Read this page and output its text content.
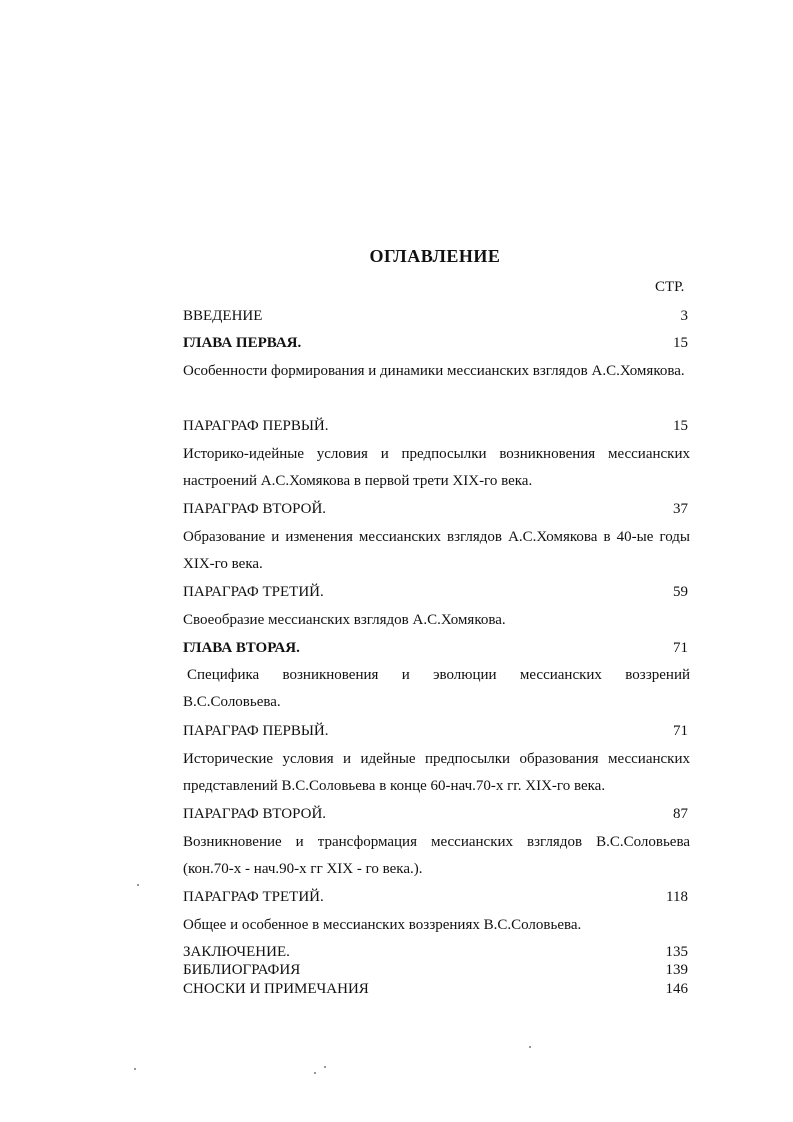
ОГЛАВЛЕНИЕ
СТР.
ВВЕДЕНИЕ	3
ГЛАВА ПЕРВАЯ.	15
Особенности формирования и динамики мессианских взглядов А.С.Хомякова.
ПАРАГРАФ ПЕРВЫЙ.	15
Историко-идейные условия и предпосылки возникновения мессианских настроений А.С.Хомякова в первой трети XIX-го века.
ПАРАГРАФ ВТОРОЙ.	37
Образование и изменения мессианских взглядов А.С.Хомякова в 40-ые годы XIX-го века.
ПАРАГРАФ ТРЕТИЙ.	59
Своеобразие мессианских взглядов А.С.Хомякова.
ГЛАВА ВТОРАЯ.	71
Специфика возникновения и эволюции мессианских воззрений В.С.Соловьева.
ПАРАГРАФ ПЕРВЫЙ.	71
Исторические условия и идейные предпосылки образования мессианских представлений В.С.Соловьева в конце 60-нач.70-х гг. XIX-го века.
ПАРАГРАФ ВТОРОЙ.	87
Возникновение и трансформация мессианских взглядов В.С.Соловьева (кон.70-х - нач.90-х гг XIX - го века.).
ПАРАГРАФ ТРЕТИЙ.	118
Общее и особенное в мессианских воззрениях В.С.Соловьева.
ЗАКЛЮЧЕНИЕ.	135
БИБЛИОГРАФИЯ	139
СНОСКИ И ПРИМЕЧАНИЯ	146
